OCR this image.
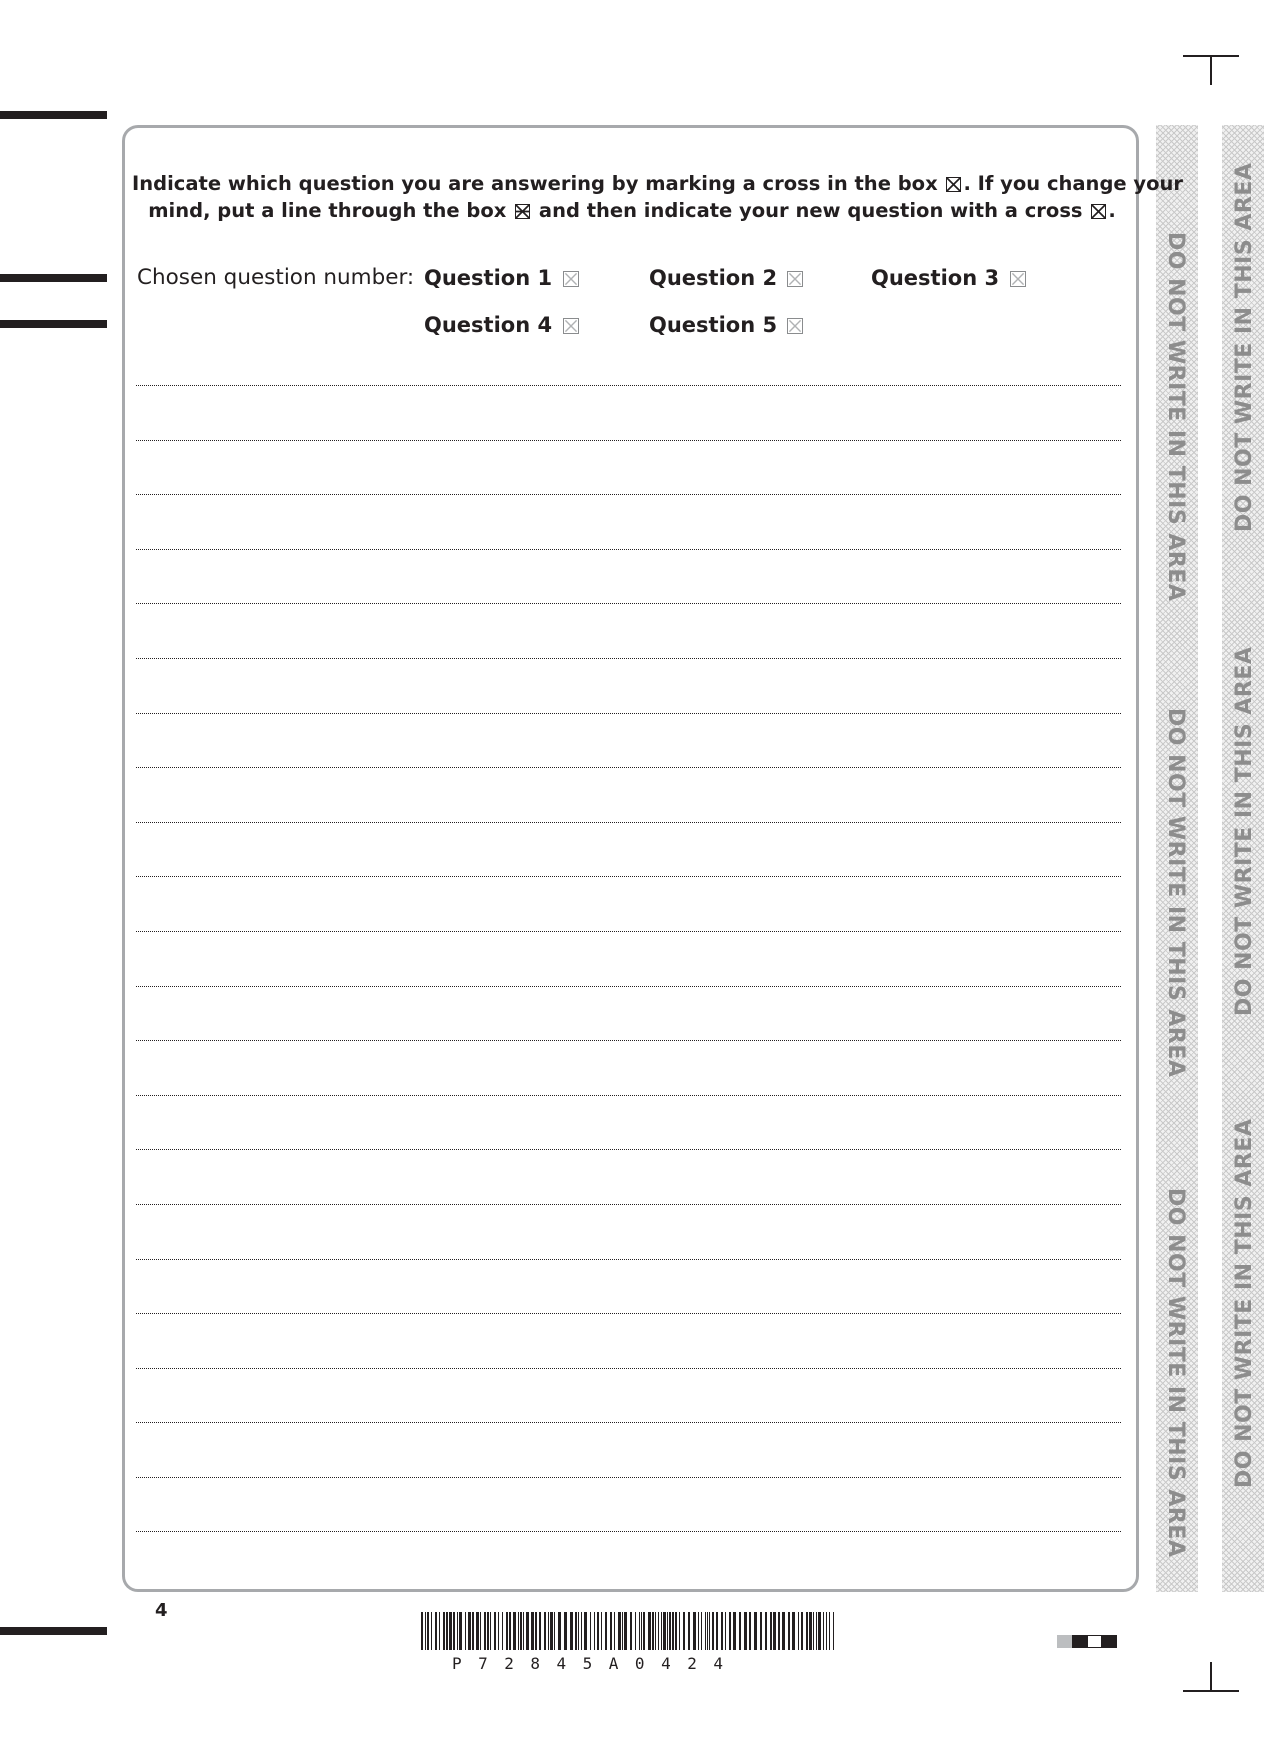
DO NOT WRITE IN THIS AREA
DO NOT WRITE IN THIS AREA
DO NOT WRITE IN THIS AREA
DO NOT WRITE IN THIS AREA
DO NOT WRITE IN THIS AREA
DO NOT WRITE IN THIS AREA

Indicate which question you are answering by marking a cross in the box ☒ . If you change your

mind, put a line through the box and then indicate your new question with a cross ☒ .

Chosen question number: Question 1	Question 2	Question 3
Question 4	Question 5
4
P72845A0424
